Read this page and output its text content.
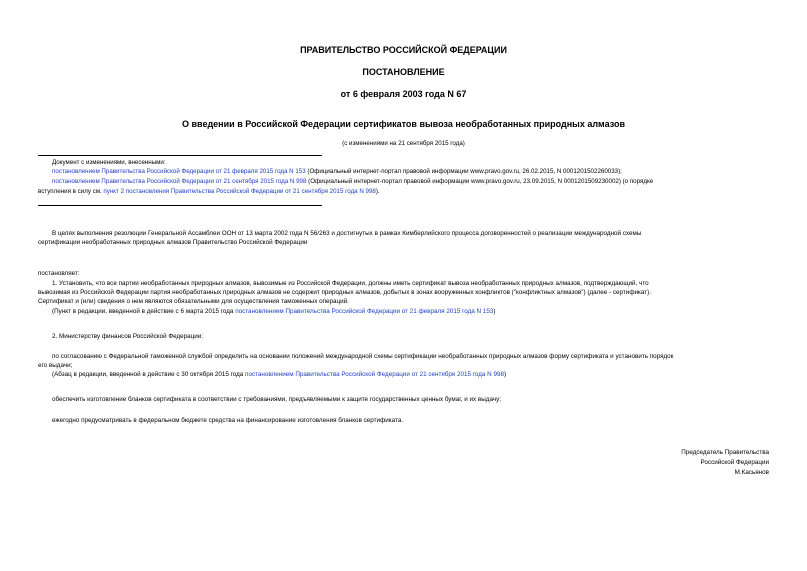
ПРАВИТЕЛЬСТВО РОССИЙСКОЙ ФЕДЕРАЦИИ
ПОСТАНОВЛЕНИЕ
от 6 февраля 2003 года N 67
О введении в Российской Федерации сертификатов вывоза необработанных природных алмазов
(с изменениями на 21 сентября 2015 года)
Документ с изменениями, внесенными:
постановлением Правительства Российской Федерации от 21 февраля 2015 года N 153 (Официальный интернет-портал правовой информации www.pravo.gov.ru, 26.02.2015, N 0001201502260033);
постановлением Правительства Российской Федерации от 21 сентября 2015 года N 998 (Официальный интернет-портал правовой информации www.pravo.gov.ru, 23.09.2015, N 0001201509230002) (о порядке
вступления в силу см. пункт 2 постановления Правительства Российской Федерации от 21 сентября 2015 года N 998).
В целях выполнения резолюции Генеральной Ассамблеи ООН от 13 марта 2002 года N 56/263 и достигнутых в рамках Кимберлийского процесса договоренностей о реализации международной схемы
сертификации необработанных природных алмазов Правительство Российской Федерации
постановляет:
1. Установить, что все партии необработанных природных алмазов, вывозимые из Российской Федерации, должны иметь сертификат вывоза необработанных природных алмазов, подтверждающий, что
вывозимая из Российской Федерации партия необработанных природных алмазов не содержит природных алмазов, добытых в зонах вооруженных конфликтов ("конфликтных алмазов") (далее - сертификат).
Сертификат и (или) сведения о нем являются обязательными для осуществления таможенных операций.
(Пункт в редакции, введенной в действие с 6 марта 2015 года постановлением Правительства Российской Федерации от 21 февраля 2015 года N 153)
2. Министерству финансов Российской Федерации:
по согласованию с Федеральной таможенной службой определить на основании положений международной схемы сертификации необработанных природных алмазов форму сертификата и установить порядок
его выдачи;
(Абзац в редакции, введенной в действие с 30 октября 2015 года постановлением Правительства Российской Федерации от 21 сентября 2015 года N 998)
обеспечить изготовление бланков сертификата в соответствии с требованиями, предъявляемыми к защите государственных ценных бумаг, и их выдачу;
ежегодно предусматривать в федеральном бюджете средства на финансирование изготовления бланков сертификата.
Председатель Правительства
Российской Федерации
М.Касьянов
